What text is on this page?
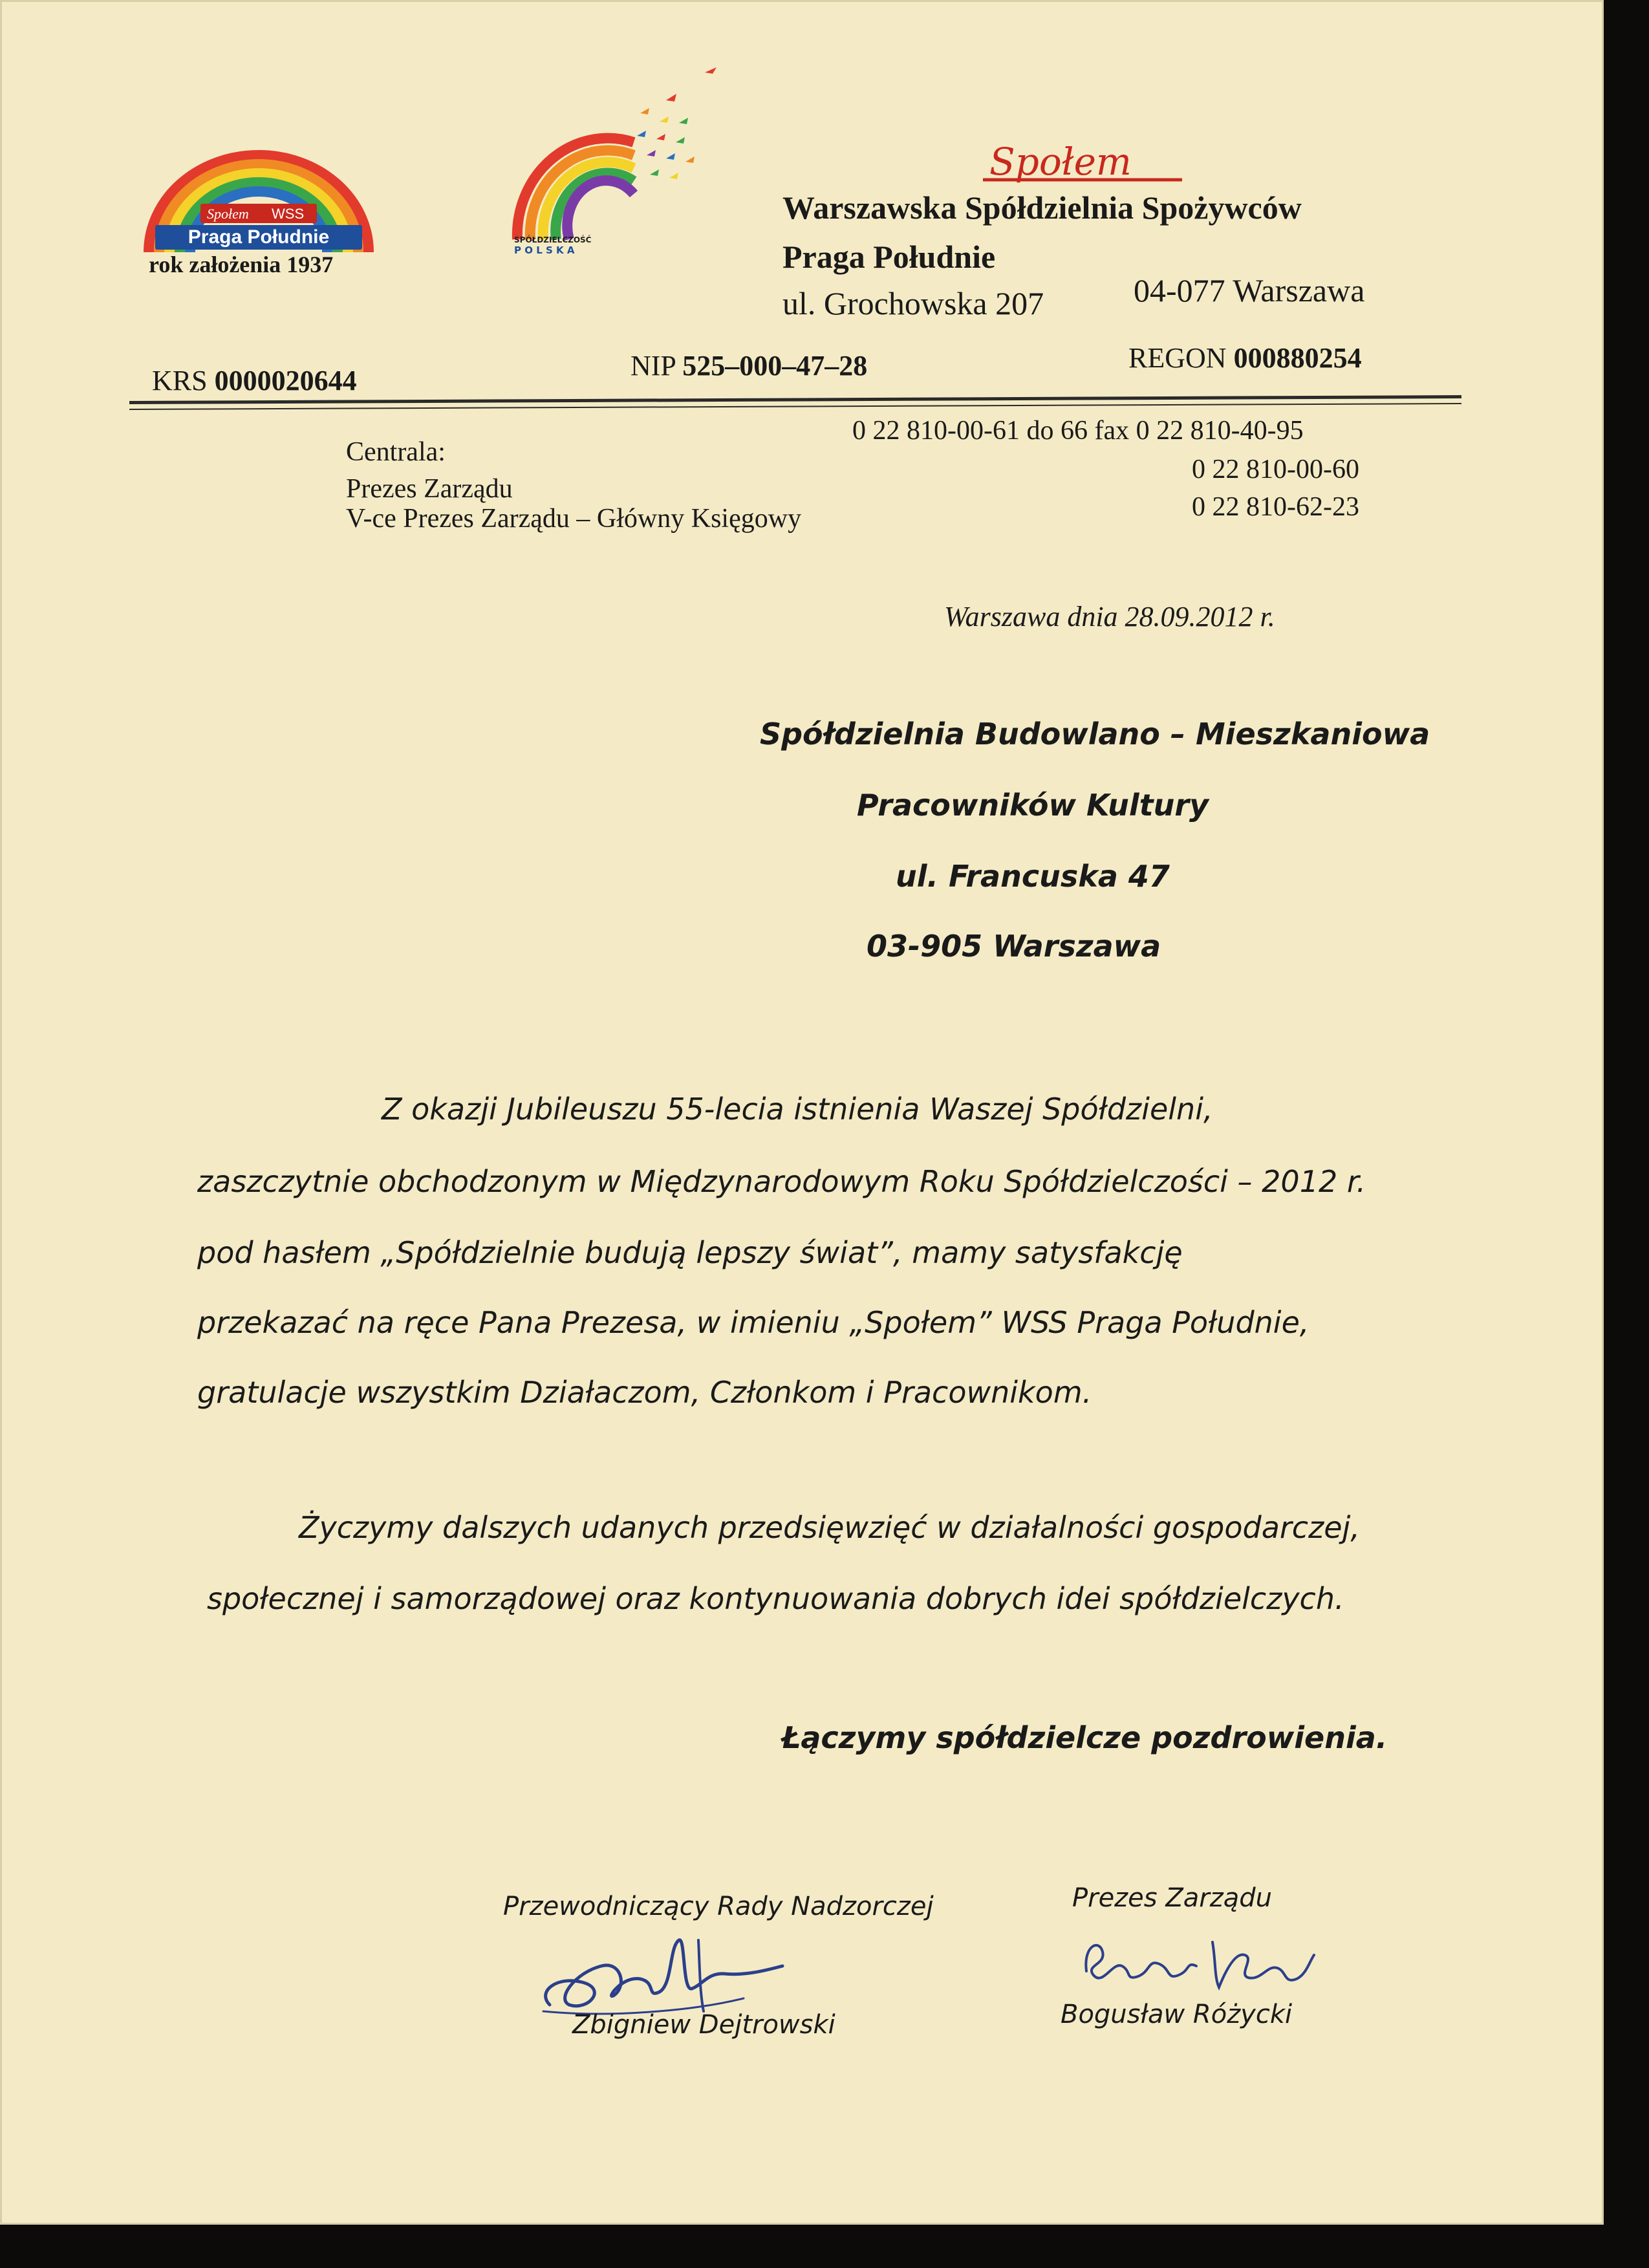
Społem WSS
Praga Południe

rok założenia 1937

SPÓŁDZIELCZOŚĆ
P O L S K A
Społem

Warszawska Spółdzielnia Spożywców

Praga Południe

ul. Grochowska 207	04-077 Warszawa

KRS 0000020644	NIP 525–000–47–28	REGON 000880254

Centrala:

Prezes Zarządu

V-ce Prezes Zarządu – Główny Księgowy

0 22 810-00-61 do 66 fax 0 22 810-40-95

0 22 810-00-60

0 22 810-62-23

Warszawa dnia 28.09.2012 r.

Spółdzielnia Budowlano – Mieszkaniowa

Pracowników Kultury

ul. Francuska 47

03-905 Warszawa

Z okazji Jubileuszu 55-lecia istnienia Waszej Spółdzielni,

zaszczytnie obchodzonym w Międzynarodowym Roku Spółdzielczości – 2012 r.

pod hasłem „Spółdzielnie budują lepszy świat”, mamy satysfakcję

przekazać na ręce Pana Prezesa, w imieniu „Społem” WSS Praga Południe,

gratulacje wszystkim Działaczom, Członkom i Pracownikom.

Życzymy dalszych udanych przedsięwzięć w działalności gospodarczej,

społecznej i samorządowej oraz kontynuowania dobrych idei spółdzielczych.

Łączymy spółdzielcze pozdrowienia.

Przewodniczący Rady Nadzorczej	Prezes Zarządu

Zbigniew Dejtrowski	Bogusław Różycki
